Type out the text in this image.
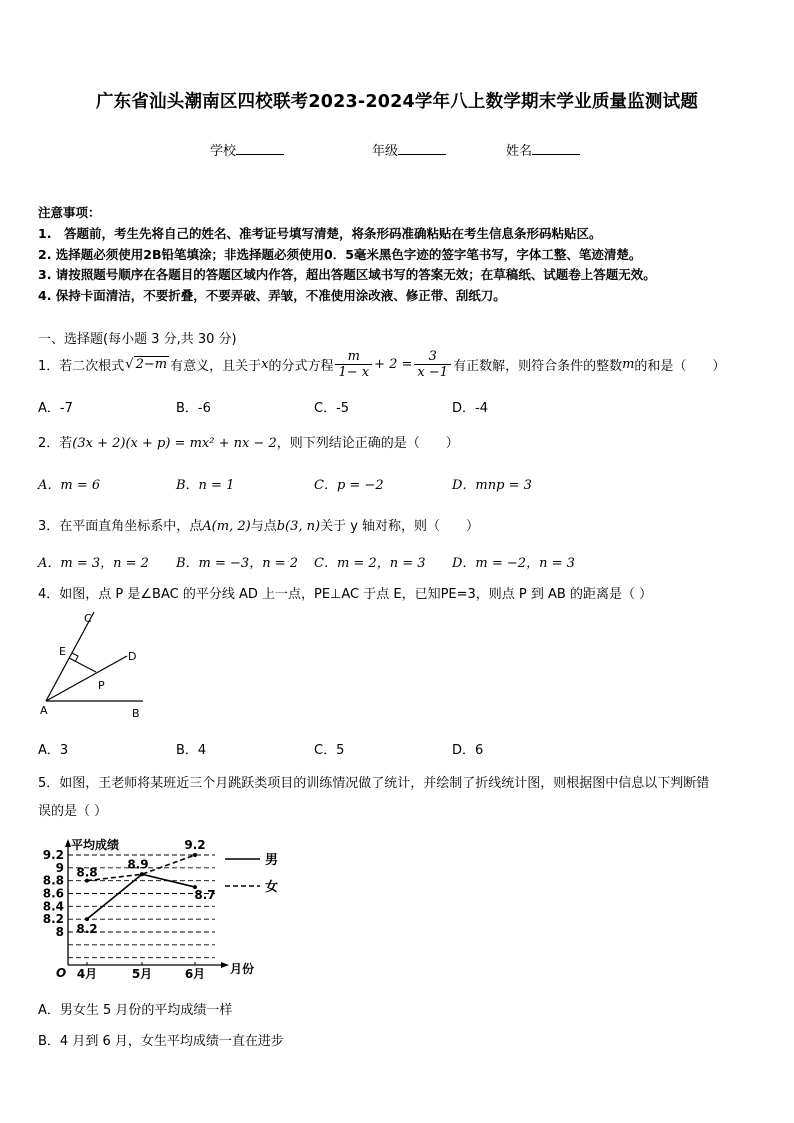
广东省汕头潮南区四校联考2023-2024学年八上数学期末学业质量监测试题
学校	年级	姓名
注意事项：
1.　答题前，考生先将自己的姓名、准考证号填写清楚，将条形码准确粘贴在考生信息条形码粘贴区。
2. 选择题必须使用2B铅笔填涂；非选择题必须使用0．5毫米黑色字迹的签字笔书写，字体工整、笔迹清楚。
3. 请按照题号顺序在各题目的答题区域内作答，超出答题区域书写的答案无效；在草稿纸、试题卷上答题无效。
4. 保持卡面清洁，不要折叠，不要弄破、弄皱，不准使用涂改液、修正带、刮纸刀。
一、选择题(每小题 3 分,共 30 分)
1．若二次根式 √ 2−m 有意义，且关于 x 的分式方程 $\frac{m}{1- x} + 2 = \frac{3}{x -1}$ 有正数解，则符合条件的整数 m 的和是（　　）
A．-7	B．-6	C．-5	D．-4
2．若(3x + 2)(x + p) = mx² + nx − 2，则下列结论正确的是（　　）
A．m = 6	B．n = 1	C．p = −2	D．mnp = 3
3．在平面直角坐标系中，点A(m, 2)与点b(3, n)关于 y 轴对称，则（　　）
A．m = 3，n = 2 B．m = −3，n = 2 C．m = 2，n = 3 D．m = −2，n = 3
4．如图，点 P 是∠BAC 的平分线 AD 上一点，PE⊥AC 于点 E，已知PE=3，则点 P 到 AB 的距离是（ ）
C
E	D
P
A	B
A．3	B．4	C．5	D．6
5．如图，王老师将某班近三个月跳跃类项目的训练情况做了统计，并绘制了折线统计图，则根据图中信息以下判断错
误的是（ ）
8
8.2
8.4
8.6
8.8
9
9.2
平均成绩
O 4月	5月	6月 月份
8.2
8.9
8.7
8.8
9.2
男
女
A．男女生 5 月份的平均成绩一样
B．4 月到 6 月，女生平均成绩一直在进步
